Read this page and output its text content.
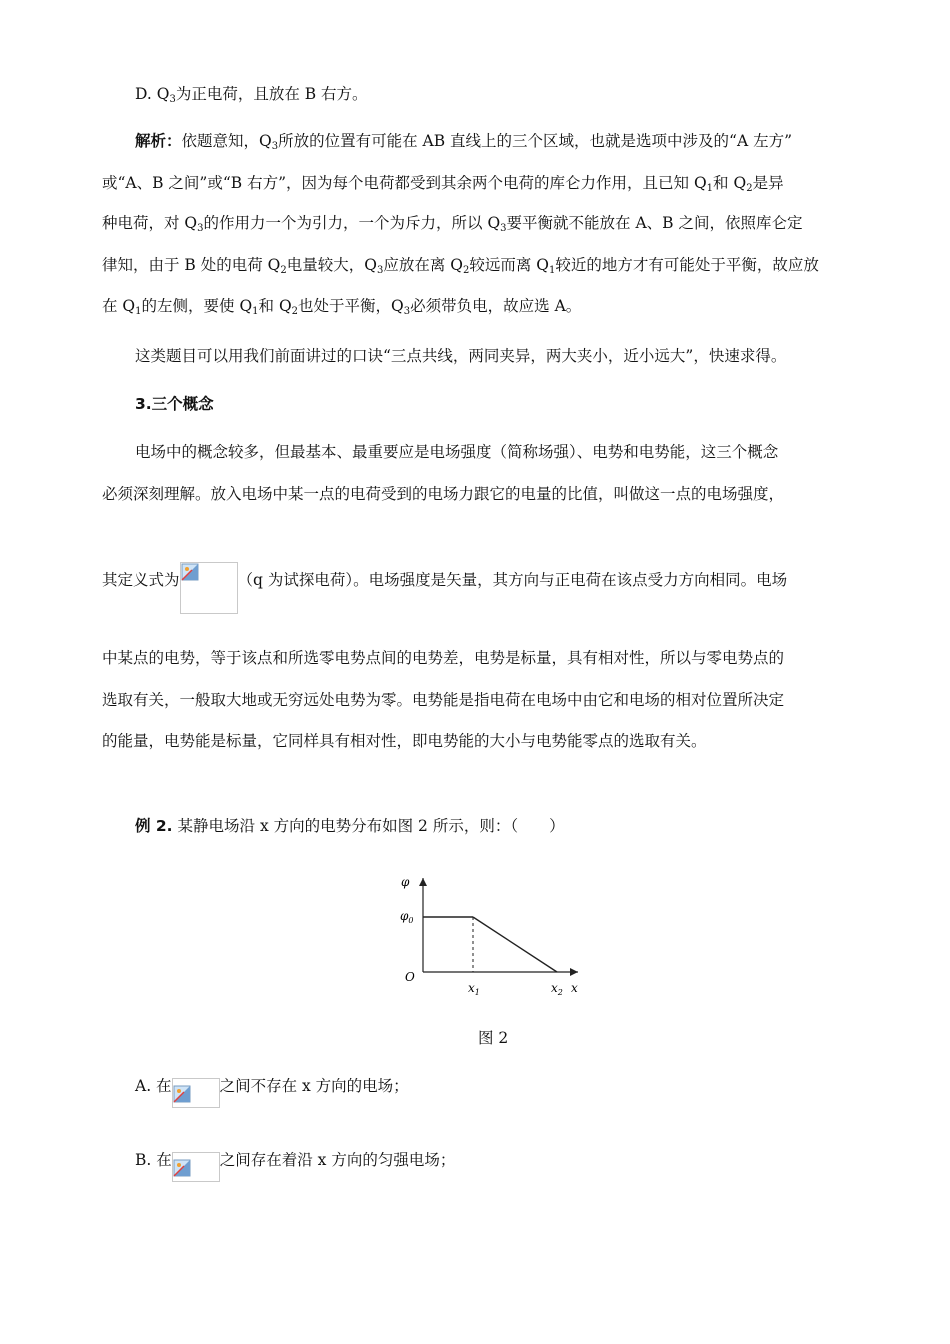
D. $Q_3$为正电荷，且放在 B 右方。
解析：依题意知，$Q_3$所放的位置有可能在 AB 直线上的三个区域，也就是选项中涉及的“A 左方”
或“A、B 之间”或“B 右方”，因为每个电荷都受到其余两个电荷的库仑力作用，且已知 $Q_1$和 $Q_2$是异
种电荷，对 $Q_3$的作用力一个为引力，一个为斥力，所以 $Q_3$要平衡就不能放在 A、B 之间，依照库仑定
律知，由于 B 处的电荷 $Q_2$电量较大，$Q_3$应放在离 $Q_2$较远而离 $Q_1$较近的地方才有可能处于平衡，故应放
在 $Q_1$的左侧，要使 $Q_1$和 $Q_2$也处于平衡，$Q_3$必须带负电，故应选 A。
这类题目可以用我们前面讲过的口诀“三点共线，两同夹异，两大夹小，近小远大”，快速求得。
3.三个概念
电场中的概念较多，但最基本、最重要应是电场强度（简称场强）、电势和电势能，这三个概念
必须深刻理解。放入电场中某一点的电荷受到的电场力跟它的电量的比值，叫做这一点的电场强度，
其定义式为	（q 为试探电荷）。电场强度是矢量，其方向与正电荷在该点受力方向相同。电场
中某点的电势，等于该点和所选零电势点间的电势差，电势是标量，具有相对性，所以与零电势点的
选取有关，一般取大地或无穷远处电势为零。电势能是指电荷在电场中由它和电场的相对位置所决定
的能量，电势能是标量，它同样具有相对性，即电势能的大小与电势能零点的选取有关。
例 2. 某静电场沿 x 方向的电势分布如图 2 所示，则：（　　）
φ
$\varphi_0$
O
$x_1$	$x_2$ x
图 2
A. 在	之间不存在 x 方向的电场；
B. 在	之间存在着沿 x 方向的匀强电场；
